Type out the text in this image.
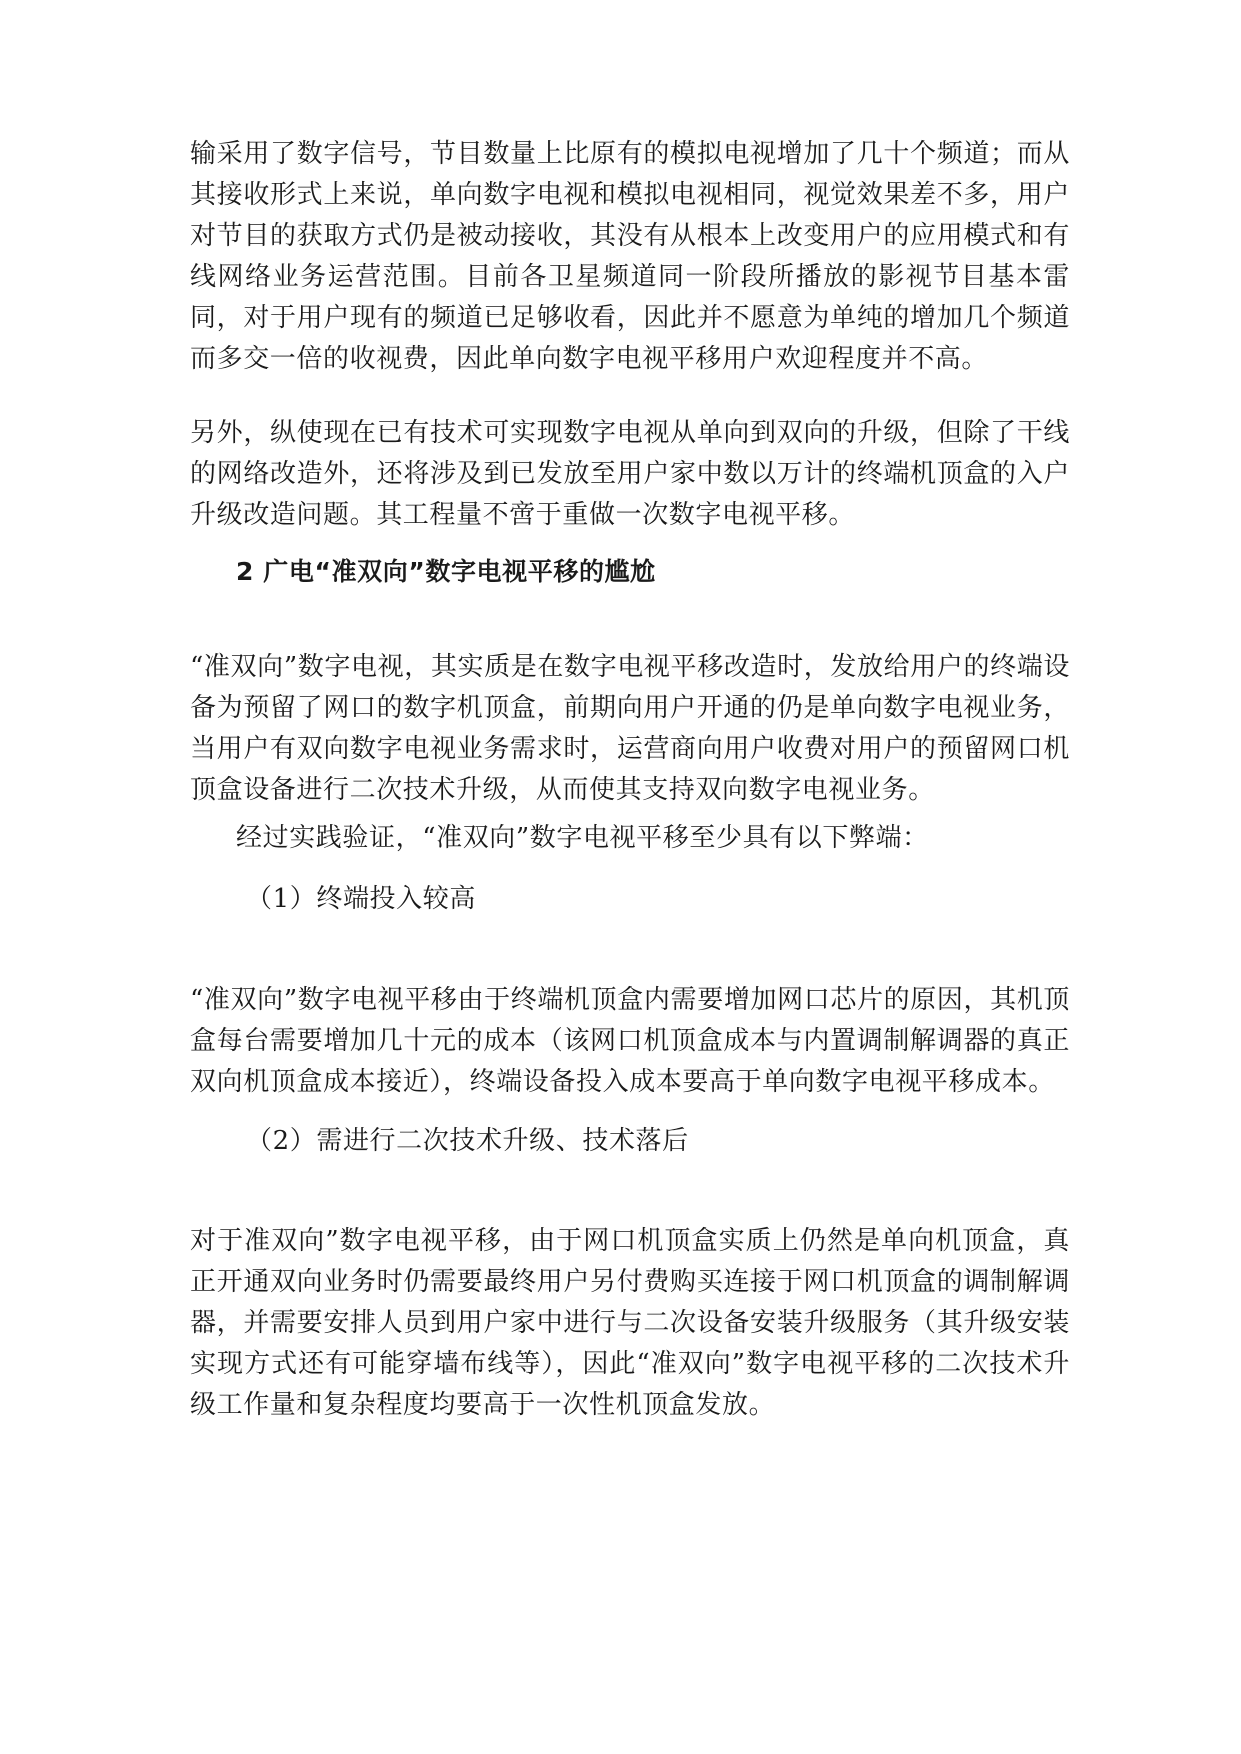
输采用了数字信号，节目数量上比原有的模拟电视增加了几十个频道；而从其接收形式上来说，单向数字电视和模拟电视相同，视觉效果差不多，用户对节目的获取方式仍是被动接收，其没有从根本上改变用户的应用模式和有线网络业务运营范围。目前各卫星频道同一阶段所播放的影视节目基本雷同，对于用户现有的频道已足够收看，因此并不愿意为单纯的增加几个频道而多交一倍的收视费，因此单向数字电视平移用户欢迎程度并不高。

另外，纵使现在已有技术可实现数字电视从单向到双向的升级，但除了干线的网络改造外，还将涉及到已发放至用户家中数以万计的终端机顶盒的入户升级改造问题。其工程量不啻于重做一次数字电视平移。

2 广电“准双向”数字电视平移的尴尬

“准双向”数字电视，其实质是在数字电视平移改造时，发放给用户的终端设备为预留了网口的数字机顶盒，前期向用户开通的仍是单向数字电视业务，当用户有双向数字电视业务需求时，运营商向用户收费对用户的预留网口机顶盒设备进行二次技术升级，从而使其支持双向数字电视业务。

经过实践验证，“准双向”数字电视平移至少具有以下弊端：

（1）终端投入较高

“准双向”数字电视平移由于终端机顶盒内需要增加网口芯片的原因，其机顶盒每台需要增加几十元的成本（该网口机顶盒成本与内置调制解调器的真正双向机顶盒成本接近），终端设备投入成本要高于单向数字电视平移成本。

（2）需进行二次技术升级、技术落后

对于准双向”数字电视平移，由于网口机顶盒实质上仍然是单向机顶盒，真正开通双向业务时仍需要最终用户另付费购买连接于网口机顶盒的调制解调器，并需要安排人员到用户家中进行与二次设备安装升级服务（其升级安装实现方式还有可能穿墙布线等），因此“准双向”数字电视平移的二次技术升级工作量和复杂程度均要高于一次性机顶盒发放。
